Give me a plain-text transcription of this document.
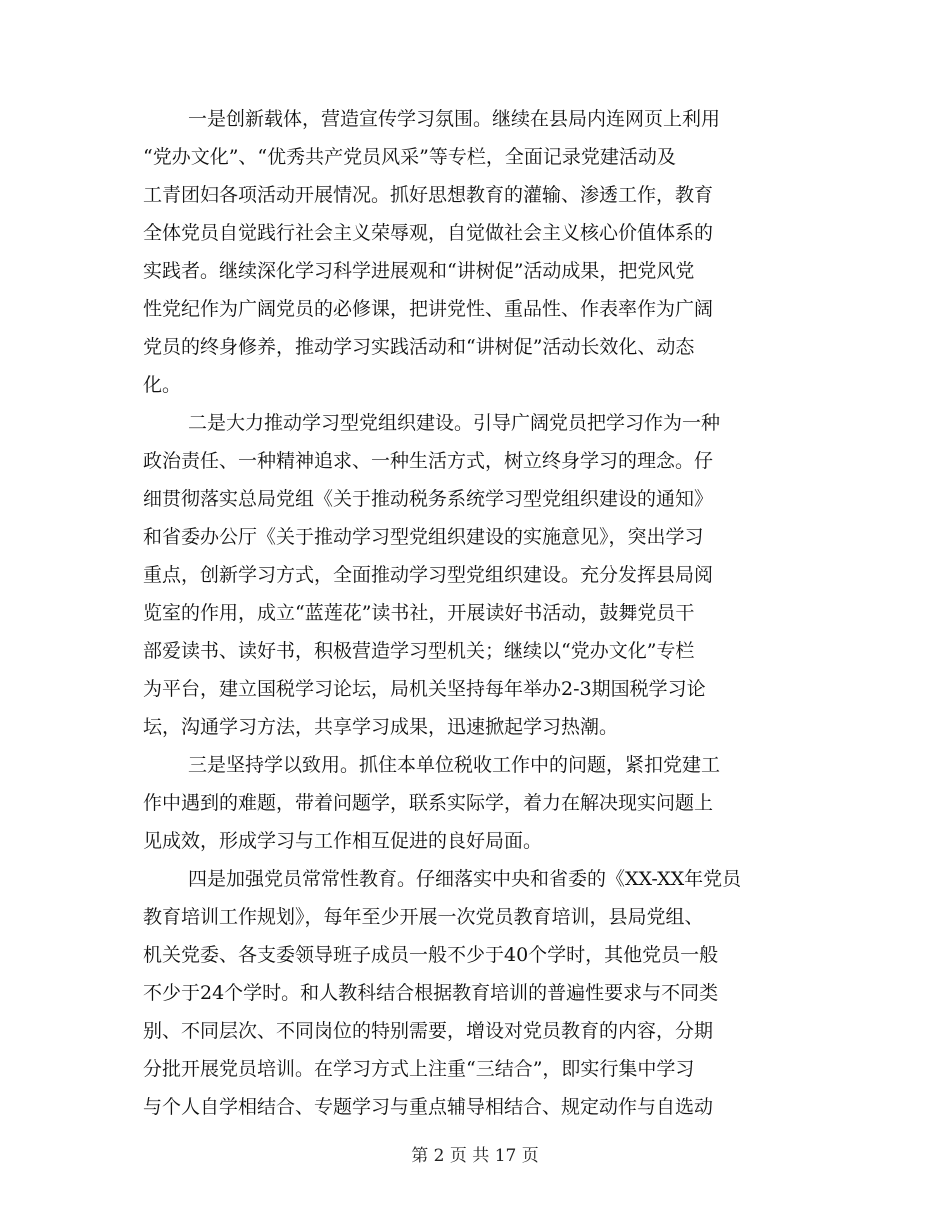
一是创新载体，营造宣传学习氛围。继续在县局内连网页上利用
“党办文化”、“优秀共产党员风采”等专栏，全面记录党建活动及
工青团妇各项活动开展情况。抓好思想教育的灌输、渗透工作，教育
全体党员自觉践行社会主义荣辱观，自觉做社会主义核心价值体系的
实践者。继续深化学习科学进展观和“讲树促”活动成果，把党风党
性党纪作为广阔党员的必修课，把讲党性、重品性、作表率作为广阔
党员的终身修养，推动学习实践活动和“讲树促”活动长效化、动态
化。
二是大力推动学习型党组织建设。引导广阔党员把学习作为一种
政治责任、一种精神追求、一种生活方式，树立终身学习的理念。仔
细贯彻落实总局党组《关于推动税务系统学习型党组织建设的通知》
和省委办公厅《关于推动学习型党组织建设的实施意见》，突出学习
重点，创新学习方式，全面推动学习型党组织建设。充分发挥县局阅
览室的作用，成立“蓝莲花”读书社，开展读好书活动，鼓舞党员干
部爱读书、读好书，积极营造学习型机关；继续以“党办文化”专栏
为平台，建立国税学习论坛，局机关坚持每年举办2-3期国税学习论
坛，沟通学习方法，共享学习成果，迅速掀起学习热潮。
三是坚持学以致用。抓住本单位税收工作中的问题，紧扣党建工
作中遇到的难题，带着问题学，联系实际学，着力在解决现实问题上
见成效，形成学习与工作相互促进的良好局面。
四是加强党员常常性教育。仔细落实中央和省委的《XX-XX年党员
教育培训工作规划》，每年至少开展一次党员教育培训，县局党组、
机关党委、各支委领导班子成员一般不少于40个学时，其他党员一般
不少于24个学时。和人教科结合根据教育培训的普遍性要求与不同类
别、不同层次、不同岗位的特别需要，增设对党员教育的内容，分期
分批开展党员培训。在学习方式上注重“三结合”，即实行集中学习
与个人自学相结合、专题学习与重点辅导相结合、规定动作与自选动
第 2 页 共 17 页
